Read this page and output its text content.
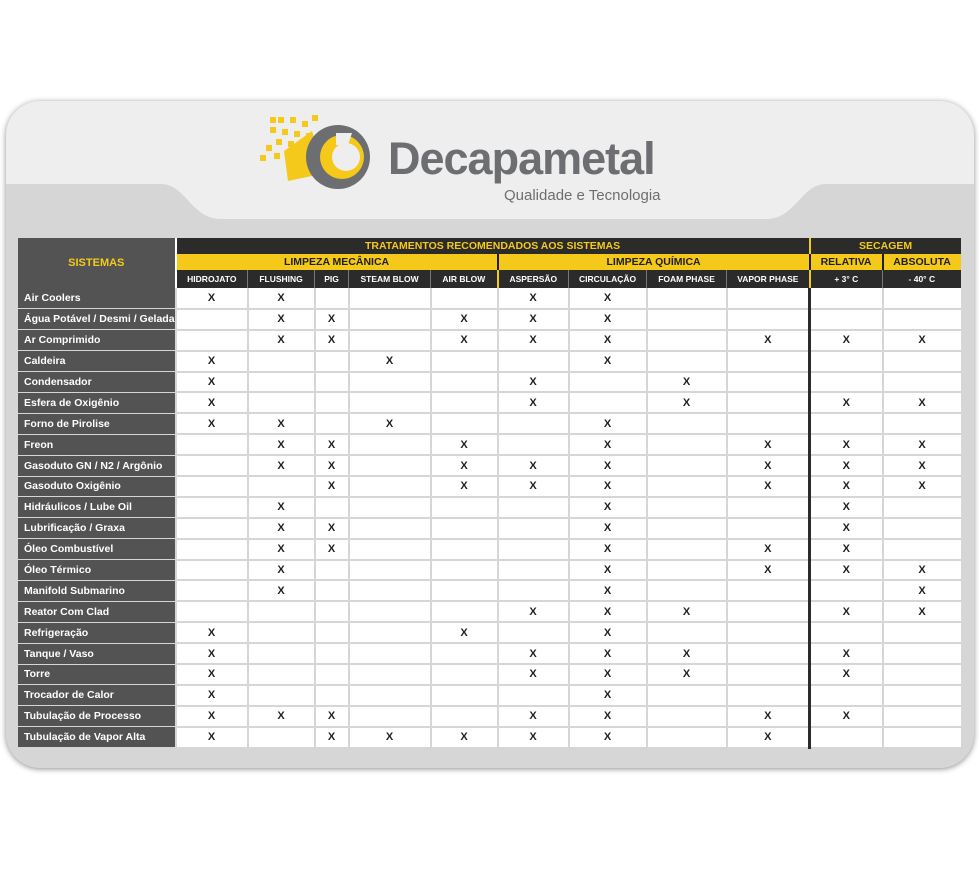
Decapametal
Qualidade e Tecnologia
SISTEMAS	TRATAMENTOS RECOMENDADOS AOS SISTEMAS									SECAGEM	
	LIMPEZA MECÂNICA					LIMPEZA QUÍMICA				RELATIVA	ABSOLUTA
	HIDROJATO	FLUSHING	PIG	STEAM BLOW	AIR BLOW	ASPERSÃO	CIRCULAÇÃO	FOAM PHASE	VAPOR PHASE	+ 3° C	- 40° C
Air Coolers	X	X				X	X				
Água Potável / Desmi / Gelada		X	X		X	X	X				
Ar Comprimido		X	X		X	X	X		X	X	X
Caldeira	X			X			X				
Condensador	X					X		X			
Esfera de Oxigênio	X					X		X		X	X
Forno de Pirolise	X	X		X			X				
Freon		X	X		X		X		X	X	X
Gasoduto GN / N2 / Argônio		X	X		X	X	X		X	X	X
Gasoduto Oxigênio			X		X	X	X		X	X	X
Hidráulicos / Lube Oil		X					X			X	
Lubrificação / Graxa		X	X				X			X	
Óleo Combustível		X	X				X		X	X	
Óleo Térmico		X					X		X	X	X
Manifold Submarino		X					X				X
Reator Com Clad						X	X	X		X	X
Refrigeração	X				X		X				
Tanque / Vaso	X					X	X	X		X	
Torre	X					X	X	X		X	
Trocador de Calor	X						X				
Tubulação de Processo	X	X	X			X	X		X	X	
Tubulação de Vapor Alta	X		X	X	X	X	X		X		
